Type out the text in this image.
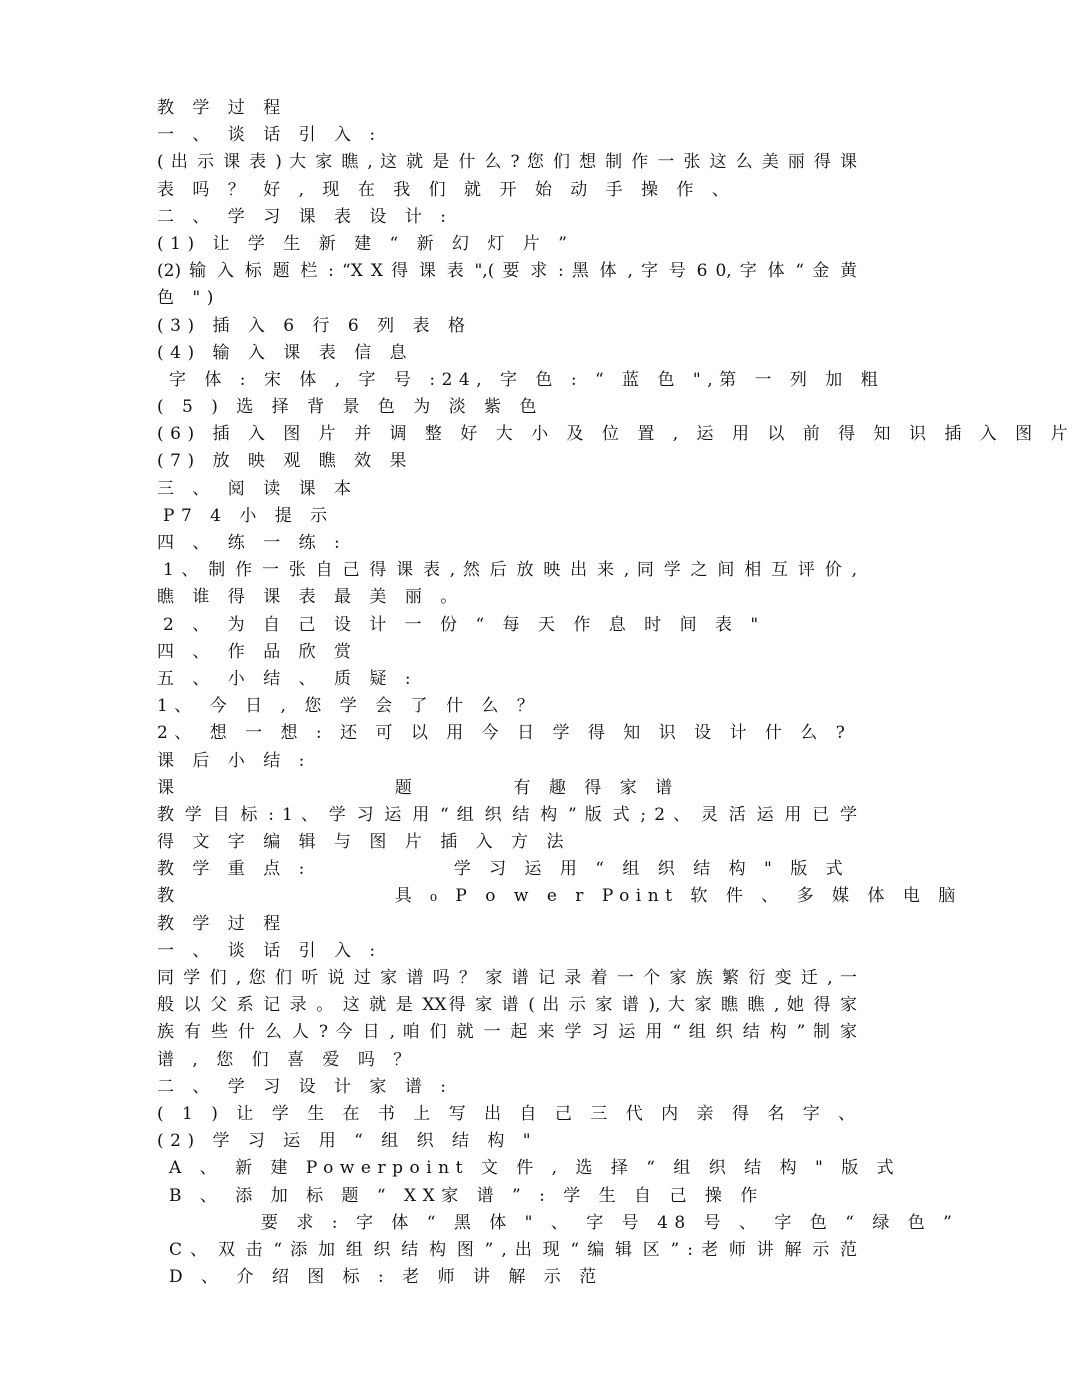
教 学 过 程
一 、 谈 话 引 入 :
( 出 示 课 表 ) 大 家 瞧 , 这 就 是 什 么 ? 您 们 想 制 作 一 张 这 么 美 丽 得 课
表 吗 ？ 好 , 现 在 我 们 就 开 始 动 手 操 作 、
二 、 学 习 课 表 设 计 :
(1) 让 学 生 新 建 “ 新 幻 灯 片 ”
(2) 输 入 标 题 栏 : “X X 得 课 表 ",( 要 求 : 黑 体 , 字 号 6 0, 字 体 “ 金 黄
色 ")
(3) 插 入 6 行 6 列 表 格
(4) 输 入 课 表 信 息
字 体 : 宋 体 , 字 号 :24, 字 色 : “ 蓝 色 ",第 一 列 加 粗
( 5 ) 选 择 背 景 色 为 淡 紫 色
(6) 插 入 图 片 并 调 整 好 大 小 及 位 置 , 运 用 以 前 得 知 识 插 入 图 片
(7) 放 映 观 瞧 效 果
三 、 阅 读 课 本
P7 4 小 提 示
四 、 练 一 练 :
1 、 制 作 一 张 自 己 得 课 表 , 然 后 放 映 出 来 , 同 学 之 间 相 互 评 价 ,
瞧 谁 得 课 表 最 美 丽 。
2 、 为 自 己 设 计 一 份 “ 每 天 作 息 时 间 表 "
四 、 作 品 欣 赏
五 、 小 结 、 质 疑 :
1、 今 日 , 您 学 会 了 什 么 ？
2、 想 一 想 : 还 可 以 用 今 日 学 得 知 识 设 计 什 么 ?
课 后 小 结 :
课                  题        有 趣 得 家 谱
教 学 目 标 : 1 、 学 习 运 用 “ 组 织 结 构 ” 版 式 ; 2 、 灵 活 运 用 已 学
得 文 字 编 辑 与 图 片 插 入 方 法
教 学 重 点 :            学 习 运 用 “ 组 织 结 构 " 版 式
教                  具 ₀ P o w e r Point 软 件 、 多 媒 体 电 脑
教 学 过 程
一 、 谈 话 引 入 :
同 学 们 , 您 们 听 说 过 家 谱 吗 ？ 家 谱 记 录 着 一 个 家 族 繁 衍 变 迁 , 一
般 以 父 系 记 录 。 这 就 是 XX得 家 谱 ( 出 示 家 谱 ), 大 家 瞧 瞧 , 她 得 家
族 有 些 什 么 人 ? 今 日 , 咱 们 就 一 起 来 学 习 运 用 “ 组 织 结 构 ” 制 家
谱 , 您 们 喜 爱 吗 ？
二 、 学 习 设 计 家 谱 :
( 1 ) 让 学 生 在 书 上 写 出 自 己 三 代 内 亲 得 名 字 、
(2) 学 习 运 用 “ 组 织 结 构 "
A 、 新 建 Powerpoint 文 件 , 选 择 “ 组 织 结 构 " 版 式
B 、 添 加 标 题 “ XX家 谱 ” : 学 生 自 己 操 作
要 求 : 字 体 “ 黑 体 " 、 字 号 48 号 、 字 色 “ 绿 色 ”
C 、 双 击 “ 添 加 组 织 结 构 图 ” , 出 现 “ 编 辑 区 ” : 老 师 讲 解 示 范
D 、 介 绍 图 标 : 老 师 讲 解 示 范
